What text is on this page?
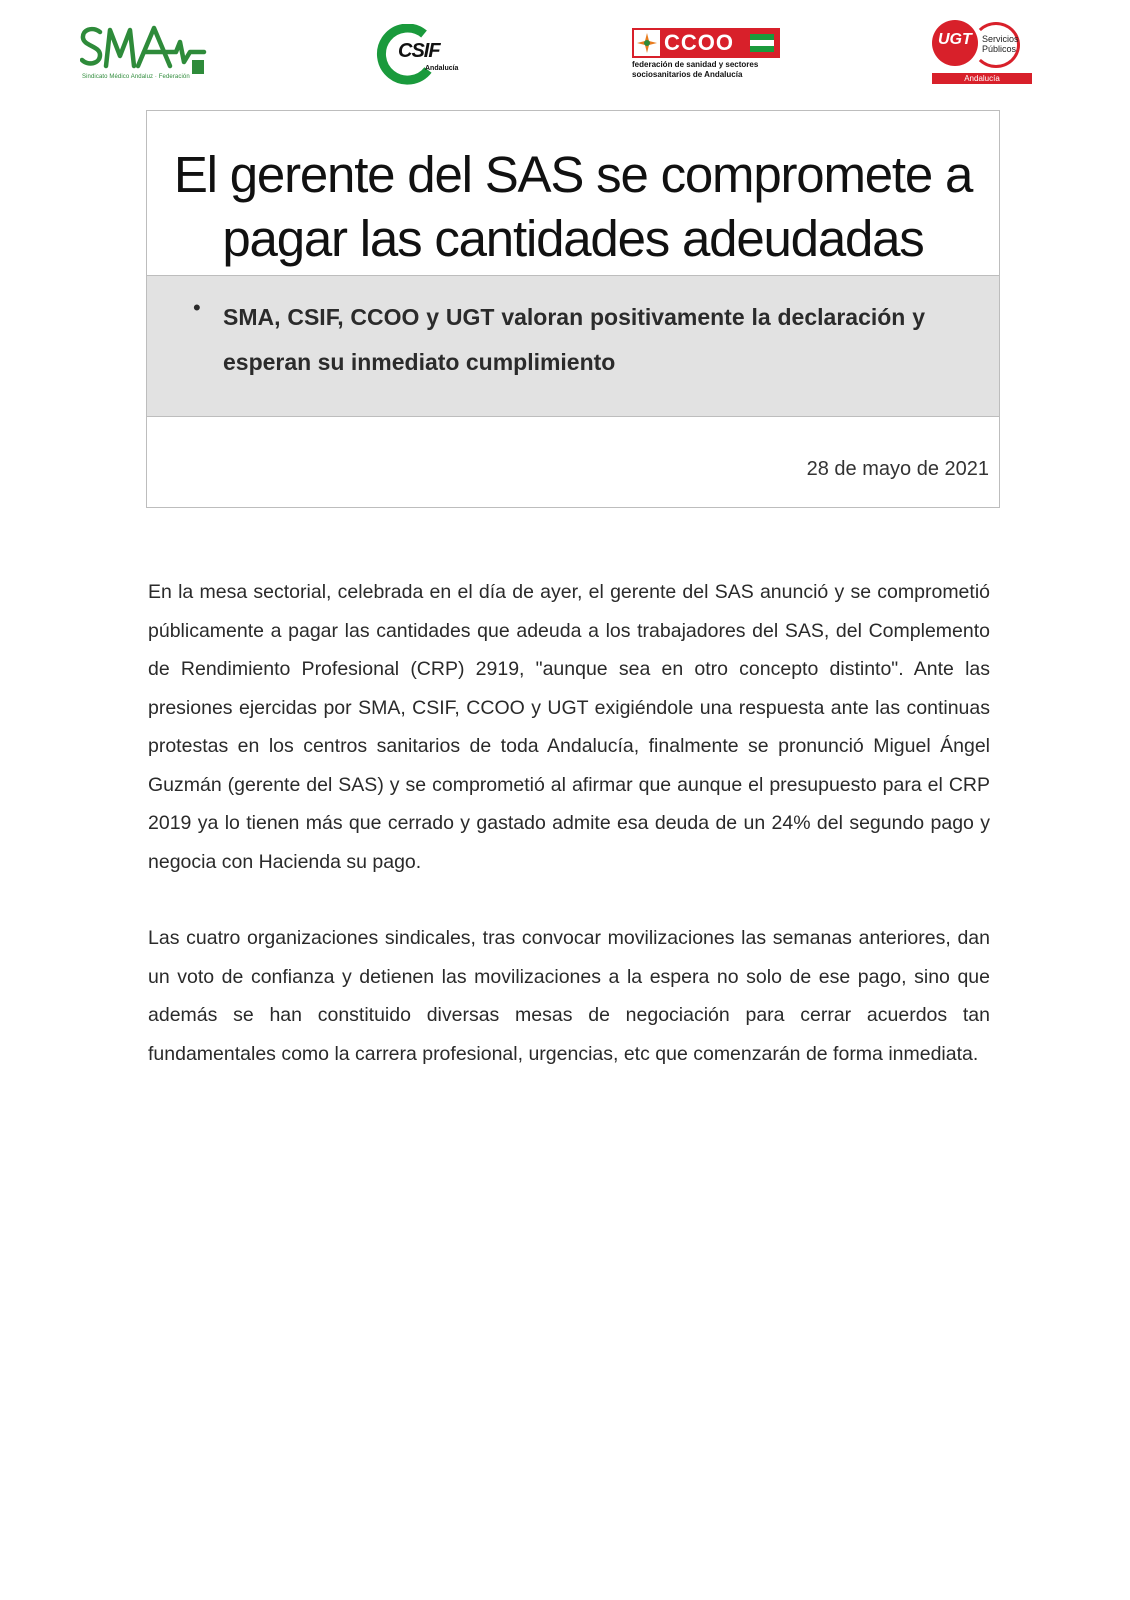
Sindicato Médico Andaluz · Federación
CSIF
Andalucía
CCOO
federación de sanidad y sectores
sociosanitarios de Andalucía
UGT Servicios
Públicos
Andalucía
El gerente del SAS se compromete a pagar las cantidades adeudadas
• SMA, CSIF, CCOO y UGT valoran positivamente la declaración y esperan su inmediato cumplimiento
28 de mayo de 2021

En la mesa sectorial, celebrada en el día de ayer, el gerente del SAS anunció y se comprometió públicamente a pagar las cantidades que adeuda a los trabajadores del SAS, del Complemento de Rendimiento Profesional (CRP) 2919, "aunque sea en otro concepto distinto". Ante las presiones ejercidas por SMA, CSIF, CCOO y UGT exigiéndole una respuesta ante las continuas protestas en los centros sanitarios de toda Andalucía, finalmente se pronunció Miguel Ángel Guzmán (gerente del SAS) y se comprometió al afirmar que aunque el presupuesto para el CRP 2019 ya lo tienen más que cerrado y gastado admite esa deuda de un 24% del segundo pago y negocia con Hacienda su pago.

Las cuatro organizaciones sindicales, tras convocar movilizaciones las semanas anteriores, dan un voto de confianza y detienen las movilizaciones a la espera no solo de ese pago, sino que además se han constituido diversas mesas de negociación para cerrar acuerdos tan fundamentales como la carrera profesional, urgencias, etc que comenzarán de forma inmediata.
